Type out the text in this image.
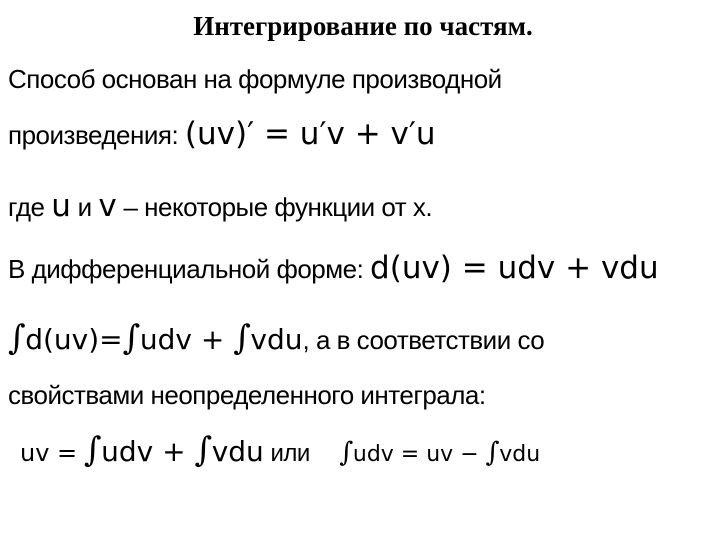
Интегрирование по частям.
Способ основан на формуле производной
произведения: (uv)′ = u′v + v′u
где u и v – некоторые функции от х.
В дифференциальной форме: d(uv) = udv + vdu
∫d(uv)=∫udv + ∫vdu, а в соответствии со
свойствами неопределенного интеграла:
uv = ∫udv + ∫vdu или ∫udv = uv − ∫vdu
